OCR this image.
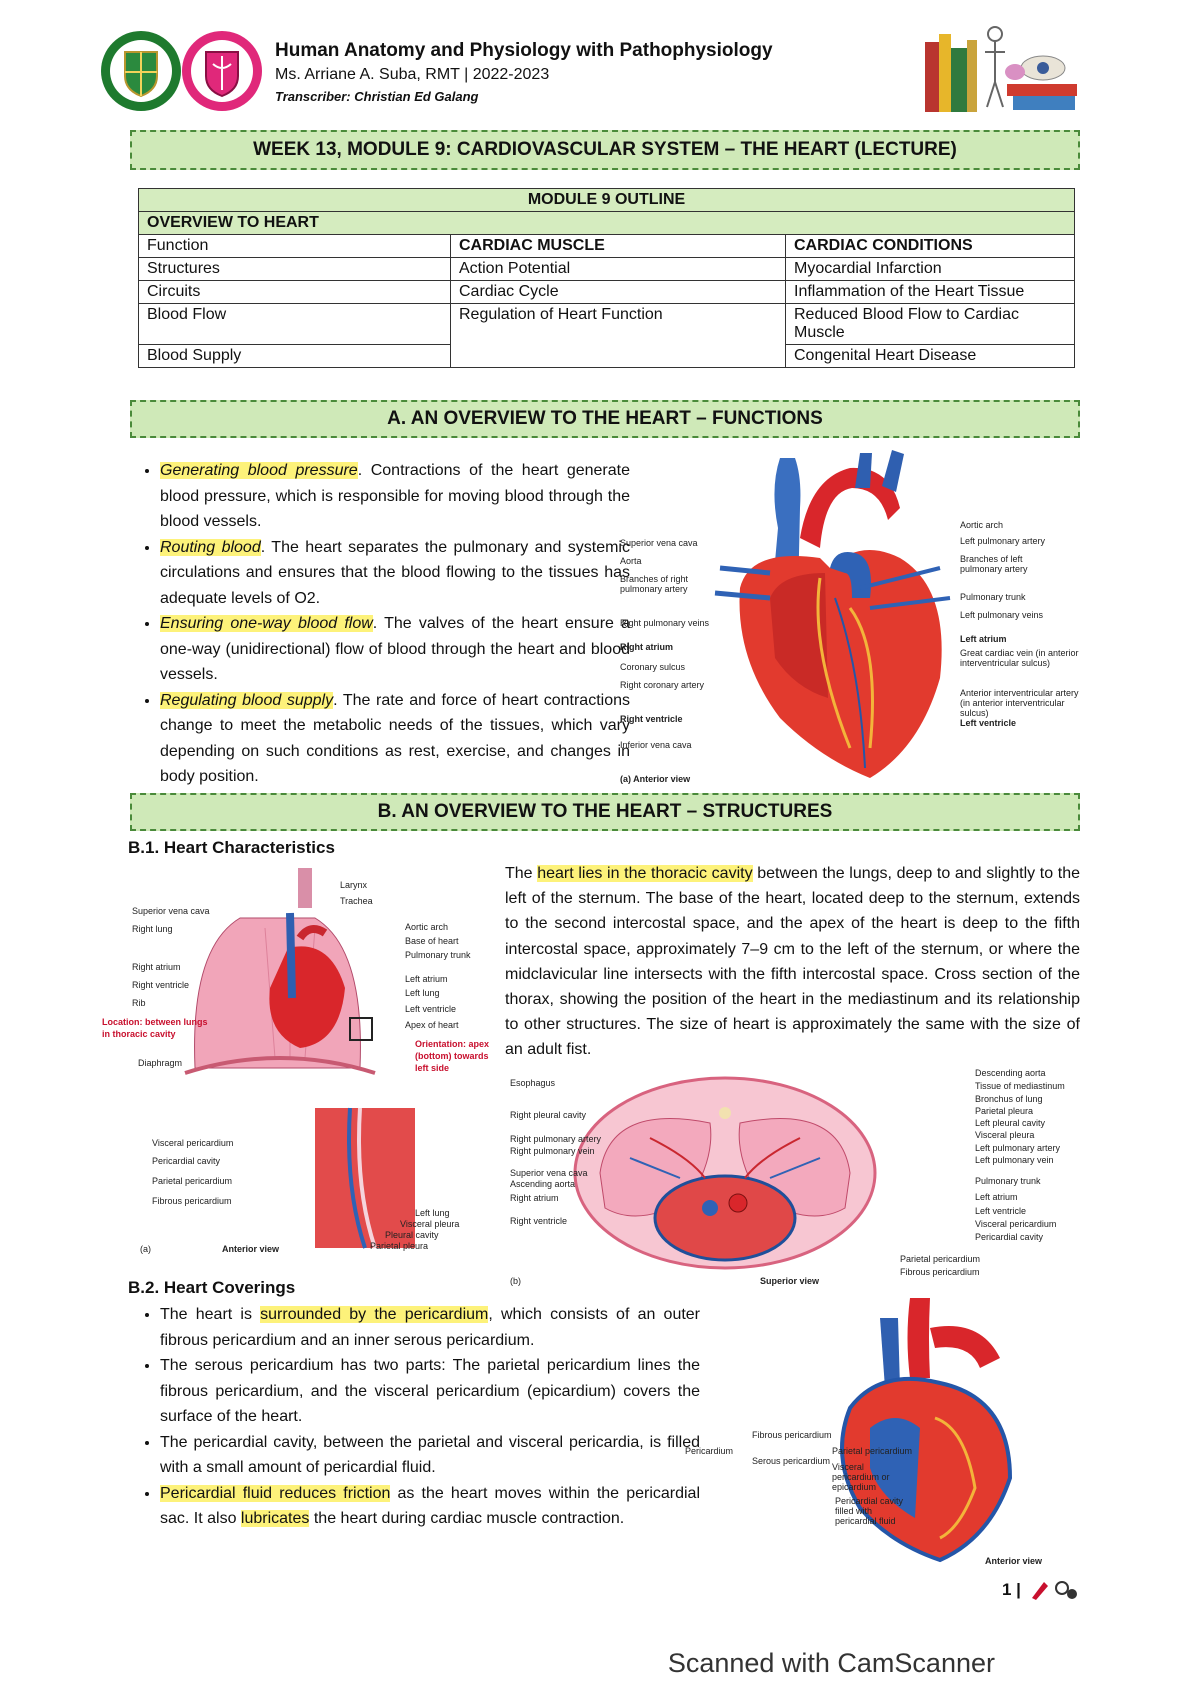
Human Anatomy and Physiology with Pathophysiology
Ms. Arriane A. Suba, RMT | 2022-2023
Transcriber: Christian Ed Galang
WEEK 13, MODULE 9: CARDIOVASCULAR SYSTEM – THE HEART (LECTURE)
MODULE 9 OUTLINE		
OVERVIEW TO HEART		
Function	CARDIAC MUSCLE	CARDIAC CONDITIONS
Structures	Action Potential	Myocardial Infarction
Circuits	Cardiac Cycle	Inflammation of the Heart Tissue
Blood Flow	Regulation of Heart Function	Reduced Blood Flow to Cardiac Muscle
Blood Supply		Congenital Heart Disease
A. AN OVERVIEW TO THE HEART – FUNCTIONS
• Generating blood pressure. Contractions of the heart generate blood pressure, which is responsible for moving blood through the blood vessels.
• Routing blood. The heart separates the pulmonary and systemic circulations and ensures that the blood flowing to the tissues has adequate levels of O2.
• Ensuring one-way blood flow. The valves of the heart ensure a one-way (unidirectional) flow of blood through the heart and blood vessels.
• Regulating blood supply. The rate and force of heart contractions change to meet the metabolic needs of the tissues, which vary depending on such conditions as rest, exercise, and changes in body position.
Superior vena cava
Aorta
Branches of right pulmonary artery
Right pulmonary veins
Right atrium
Coronary sulcus
Right coronary artery
Right ventricle
Inferior vena cava
(a) Anterior view
Aortic arch
Left pulmonary artery
Branches of left pulmonary artery
Pulmonary trunk
Left pulmonary veins
Left atrium
Great cardiac vein (in anterior interventricular sulcus)
Anterior interventricular artery (in anterior interventricular sulcus)
Left ventricle
B. AN OVERVIEW TO THE HEART – STRUCTURES
B.1. Heart Characteristics
Larynx
Trachea
Aortic arch
Base of heart
Pulmonary trunk
Left atrium
Left lung
Left ventricle
Apex of heart
Orientation: apex (bottom) towards left side
Superior vena cava
Right lung
Right atrium
Right ventricle
Rib
Location: between lungs in thoracic cavity
Diaphragm
Visceral pericardium
Pericardial cavity
Parietal pericardium
Fibrous pericardium
Left lung
Visceral pleura
Pleural cavity
Parietal pleura
(a)	Anterior view
The heart lies in the thoracic cavity between the lungs, deep to and slightly to the left of the sternum. The base of the heart, located deep to the sternum, extends to the second intercostal space, and the apex of the heart is deep to the fifth intercostal space, approximately 7–9 cm to the left of the sternum, or where the midclavicular line intersects with the fifth intercostal space. Cross section of the thorax, showing the position of the heart in the mediastinum and its relationship to other structures. The size of heart is approximately the same with the size of an adult fist.
Esophagus
Right pleural cavity
Right pulmonary artery
Right pulmonary vein
Superior vena cava
Ascending aorta
Right atrium
Right ventricle
Descending aorta
Tissue of mediastinum
Bronchus of lung
Parietal pleura
Left pleural cavity
Visceral pleura
Left pulmonary artery
Left pulmonary vein
Pulmonary trunk
Left atrium
Left ventricle
Visceral pericardium
Pericardial cavity
Parietal pericardium
Fibrous pericardium
(b)	Superior view
B.2. Heart Coverings
• The heart is surrounded by the pericardium, which consists of an outer fibrous pericardium and an inner serous pericardium.
• The serous pericardium has two parts: The parietal pericardium lines the fibrous pericardium, and the visceral pericardium (epicardium) covers the surface of the heart.
• The pericardial cavity, between the parietal and visceral pericardia, is filled with a small amount of pericardial fluid.
• Pericardial fluid reduces friction as the heart moves within the pericardial sac. It also lubricates the heart during cardiac muscle contraction.
Pericardium
Fibrous pericardium
Serous pericardium
Parietal pericardium
Visceral pericardium or epicardium
Pericardial cavity filled with pericardial fluid
Anterior view
1 |
Scanned with CamScanner
